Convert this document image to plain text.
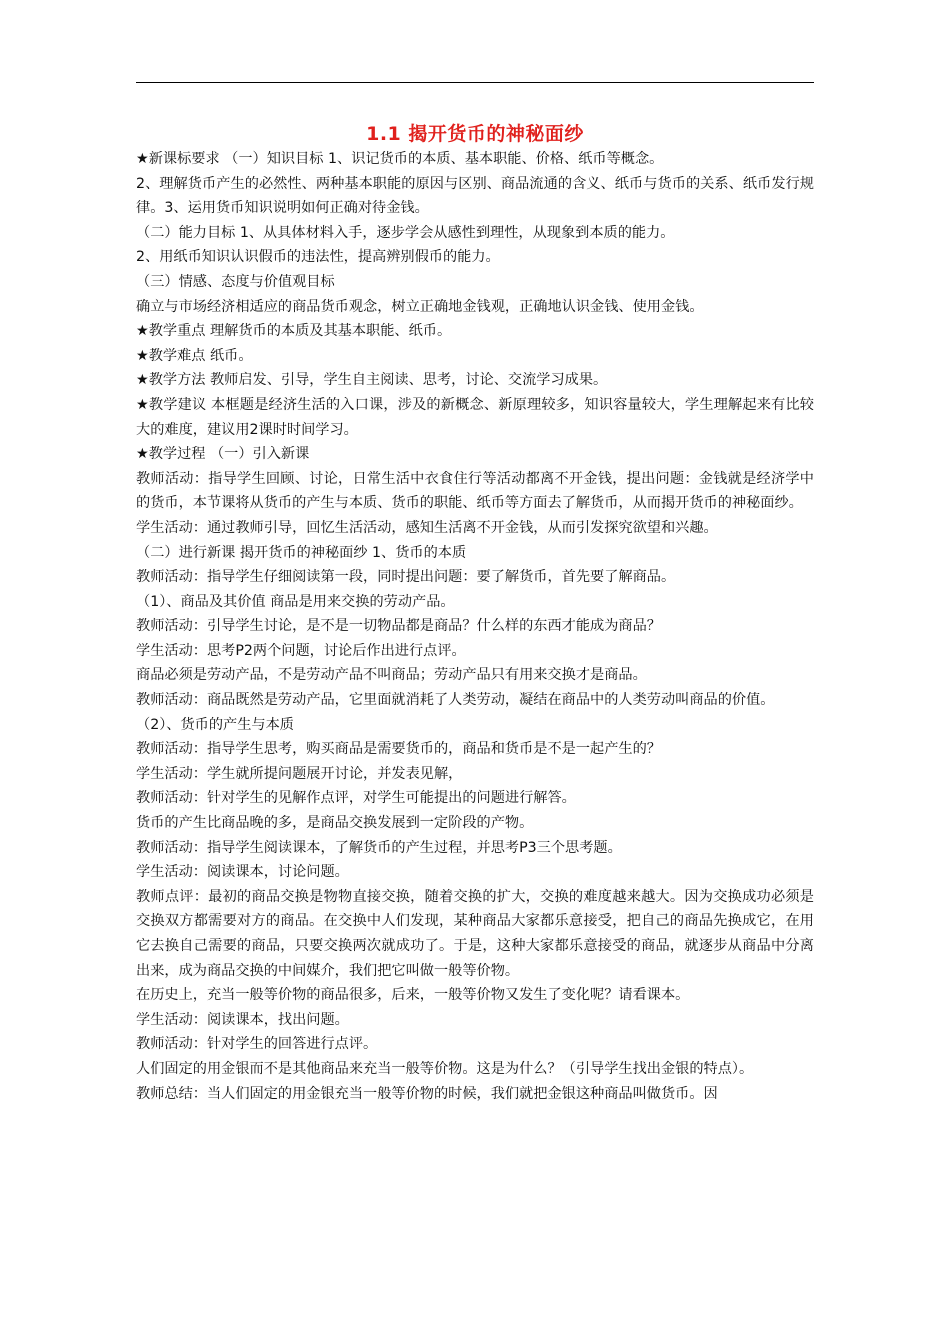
1.1 揭开货币的神秘面纱

★新课标要求 （一）知识目标 1、识记货币的本质、基本职能、价格、纸币等概念。

2、理解货币产生的必然性、两种基本职能的原因与区别、商品流通的含义、纸币与货币的关系、纸币发行规律。3、运用货币知识说明如何正确对待金钱。

（二）能力目标 1、从具体材料入手，逐步学会从感性到理性，从现象到本质的能力。

2、用纸币知识认识假币的违法性，提高辨别假币的能力。

（三）情感、态度与价值观目标

确立与市场经济相适应的商品货币观念，树立正确地金钱观，正确地认识金钱、使用金钱。

★教学重点 理解货币的本质及其基本职能、纸币。

★教学难点 纸币。

★教学方法 教师启发、引导，学生自主阅读、思考，讨论、交流学习成果。

★教学建议 本框题是经济生活的入口课，涉及的新概念、新原理较多，知识容量较大，学生理解起来有比较大的难度，建议用2课时时间学习。

★教学过程 （一）引入新课

教师活动：指导学生回顾、讨论，日常生活中衣食住行等活动都离不开金钱，提出问题：金钱就是经济学中的货币，本节课将从货币的产生与本质、货币的职能、纸币等方面去了解货币，从而揭开货币的神秘面纱。

学生活动：通过教师引导，回忆生活活动，感知生活离不开金钱，从而引发探究欲望和兴趣。

（二）进行新课 揭开货币的神秘面纱 1、货币的本质

教师活动：指导学生仔细阅读第一段，同时提出问题：要了解货币，首先要了解商品。

（1）、商品及其价值 商品是用来交换的劳动产品。

教师活动：引导学生讨论，是不是一切物品都是商品？什么样的东西才能成为商品？

学生活动：思考P2两个问题，讨论后作出进行点评。

商品必须是劳动产品，不是劳动产品不叫商品；劳动产品只有用来交换才是商品。

教师活动：商品既然是劳动产品，它里面就消耗了人类劳动，凝结在商品中的人类劳动叫商品的价值。

（2）、货币的产生与本质

教师活动：指导学生思考，购买商品是需要货币的，商品和货币是不是一起产生的？

学生活动：学生就所提问题展开讨论，并发表见解，

教师活动：针对学生的见解作点评，对学生可能提出的问题进行解答。

货币的产生比商品晚的多，是商品交换发展到一定阶段的产物。

教师活动：指导学生阅读课本，了解货币的产生过程，并思考P3三个思考题。

学生活动：阅读课本，讨论问题。

教师点评：最初的商品交换是物物直接交换，随着交换的扩大，交换的难度越来越大。因为交换成功必须是交换双方都需要对方的商品。在交换中人们发现，某种商品大家都乐意接受，把自己的商品先换成它，在用它去换自己需要的商品，只要交换两次就成功了。于是，这种大家都乐意接受的商品，就逐步从商品中分离出来，成为商品交换的中间媒介，我们把它叫做一般等价物。

在历史上，充当一般等价物的商品很多，后来，一般等价物又发生了变化呢？请看课本。

学生活动：阅读课本，找出问题。

教师活动：针对学生的回答进行点评。

人们固定的用金银而不是其他商品来充当一般等价物。这是为什么？（引导学生找出金银的特点）。

教师总结：当人们固定的用金银充当一般等价物的时候，我们就把金银这种商品叫做货币。因
